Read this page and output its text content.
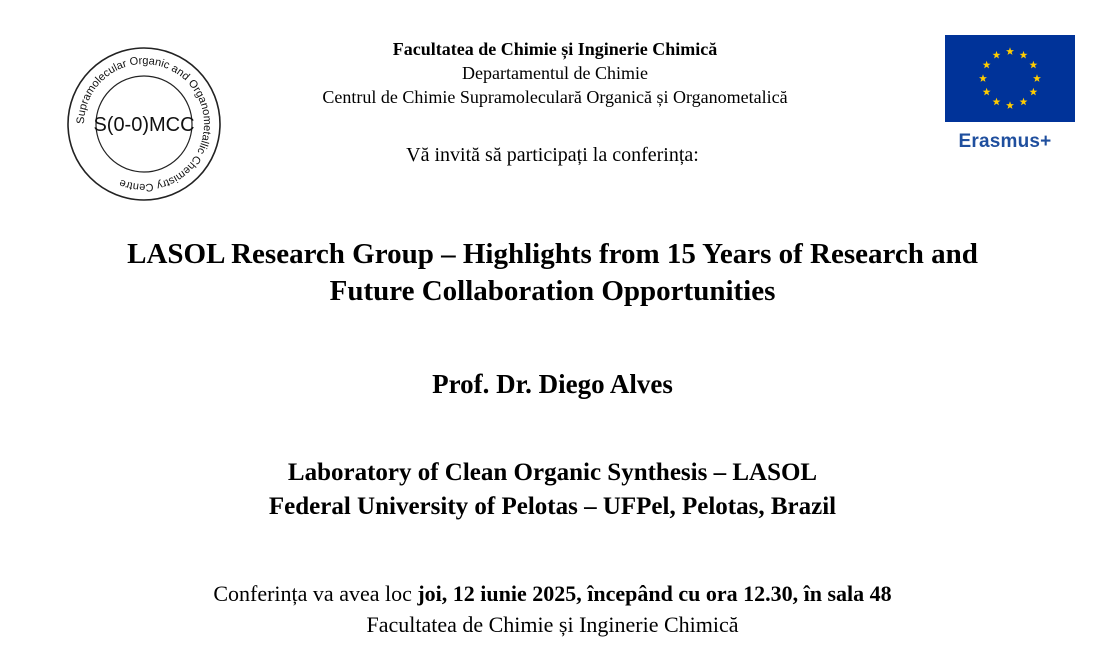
Supramolecular Organic and Organometallic Chemistry Centre
S(0-0)MCC
Facultatea de Chimie și Inginerie Chimică
Departamentul de Chimie
Centrul de Chimie Supramoleculară Organică și Organometalică
Erasmus+
Vă invită să participați la conferința:
LASOL Research Group – Highlights from 15 Years of Research and
Future Collaboration Opportunities
Prof. Dr. Diego Alves
Laboratory of Clean Organic Synthesis – LASOL
Federal University of Pelotas – UFPel, Pelotas, Brazil
Conferința va avea loc joi, 12 iunie 2025, începând cu ora 12.30, în sala 48
Facultatea de Chimie și Inginerie Chimică
